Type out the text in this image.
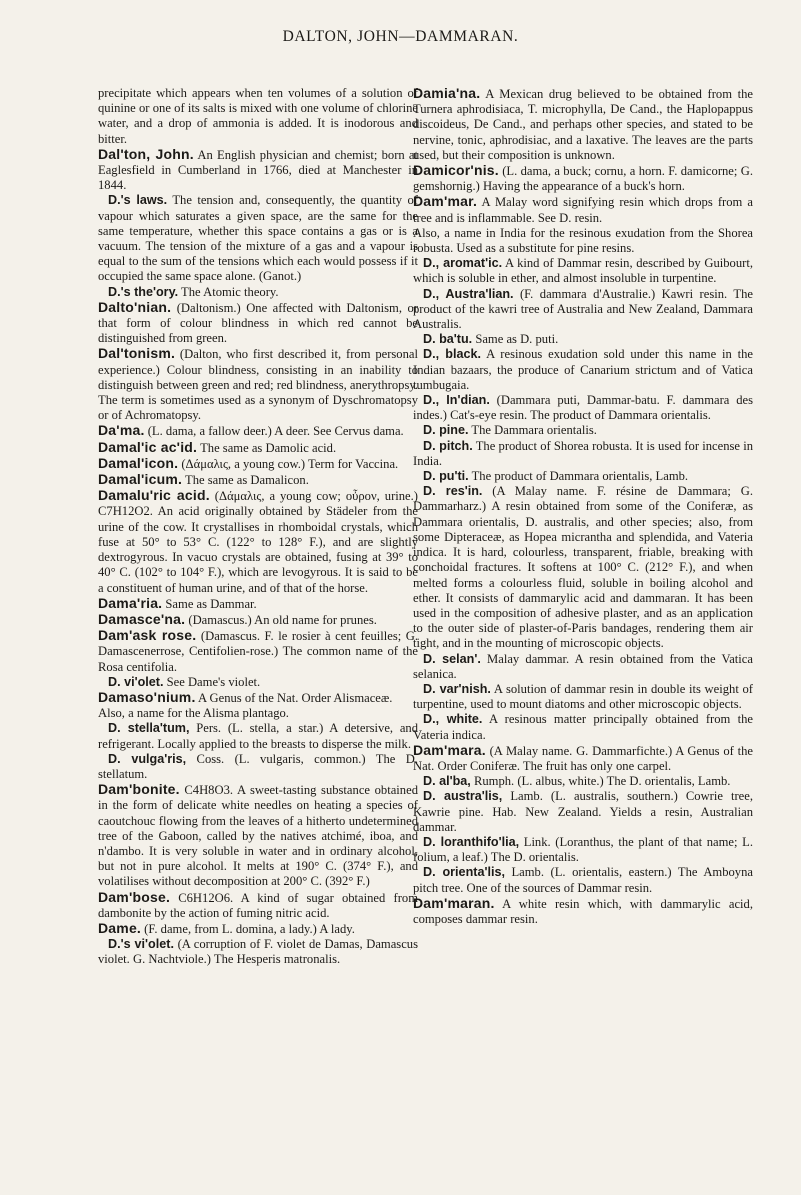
DALTON, JOHN—DAMMARAN.

precipitate which appears when ten volumes of a solution of quinine or one of its salts is mixed with one volume of chlorine water, and a drop of ammonia is added. It is inodorous and bitter.

Dal'ton, John. An English physician and chemist; born at Eaglesfield in Cumberland in 1766, died at Manchester in 1844.

D.'s laws. The tension and, consequently, the quantity of vapour which saturates a given space, are the same for the same temperature, whether this space contains a gas or is a vacuum. The tension of the mixture of a gas and a vapour is equal to the sum of the tensions which each would possess if it occupied the same space alone. (Ganot.)

D.'s the'ory. The Atomic theory.

Dalto'nian. (Daltonism.) One affected with Daltonism, or that form of colour blindness in which red cannot be distinguished from green.

Dal'tonism. (Dalton, who first described it, from personal experience.) Colour blindness, consisting in an inability to distinguish between green and red; red blindness, anerythropsy. The term is sometimes used as a synonym of Dyschromatopsy or of Achromatopsy.

Da'ma. (L. dama, a fallow deer.) A deer. See Cervus dama.

Damal'ic ac'id. The same as Damolic acid.

Damal'icon. (Δάμαλις, a young cow.) Term for Vaccina.

Damal'icum. The same as Damalicon.

Damalu'ric acid. (Δάμαλις, a young cow; οὖρον, urine.) C7H12O2. An acid originally obtained by Städeler from the urine of the cow. It crystallises in rhomboidal crystals, which fuse at 50° to 53° C. (122° to 128° F.), and are slightly dextrogyrous. In vacuo crystals are obtained, fusing at 39° to 40° C. (102° to 104° F.), which are levogyrous. It is said to be a constituent of human urine, and of that of the horse.

Dama'ria. Same as Dammar.

Damasce'na. (Damascus.) An old name for prunes.

Dam'ask rose. (Damascus. F. le rosier à cent feuilles; G. Damascenerrose, Centifolien-rose.) The common name of the Rosa centifolia.

D. vi'olet. See Dame's violet.

Damaso'nium. A Genus of the Nat. Order Alismaceæ.

Also, a name for the Alisma plantago.

D. stella'tum, Pers. (L. stella, a star.) A detersive, and refrigerant. Locally applied to the breasts to disperse the milk.

D. vulga'ris, Coss. (L. vulgaris, common.) The D. stellatum.

Dam'bonite. C4H8O3. A sweet-tasting substance obtained in the form of delicate white needles on heating a species of caoutchouc flowing from the leaves of a hitherto undetermined tree of the Gaboon, called by the natives atchimé, iboa, and n'dambo. It is very soluble in water and in ordinary alcohol, but not in pure alcohol. It melts at 190° C. (374° F.), and volatilises without decomposition at 200° C. (392° F.)

Dam'bose. C6H12O6. A kind of sugar obtained from dambonite by the action of fuming nitric acid.

Dame. (F. dame, from L. domina, a lady.) A lady.

D.'s vi'olet. (A corruption of F. violet de Damas, Damascus violet. G. Nachtviole.) The Hesperis matronalis.

Damia'na. A Mexican drug believed to be obtained from the Turnera aphrodisiaca, T. microphylla, De Cand., the Haplopappus discoideus, De Cand., and perhaps other species, and stated to be nervine, tonic, aphrodisiac, and a laxative. The leaves are the parts used, but their composition is unknown.

Damicor'nis. (L. dama, a buck; cornu, a horn. F. damicorne; G. gemshornig.) Having the appearance of a buck's horn.

Dam'mar. A Malay word signifying resin which drops from a tree and is inflammable. See D. resin.

Also, a name in India for the resinous exudation from the Shorea robusta. Used as a substitute for pine resins.

D., aromat'ic. A kind of Dammar resin, described by Guibourt, which is soluble in ether, and almost insoluble in turpentine.

D., Austra'lian. (F. dammara d'Australie.) Kawri resin. The product of the kawri tree of Australia and New Zealand, Dammara Australis.

D. ba'tu. Same as D. puti.

D., black. A resinous exudation sold under this name in the Indian bazaars, the produce of Canarium strictum and of Vatica tumbugaia.

D., In'dian. (Dammara puti, Dammar-batu. F. dammara des indes.) Cat's-eye resin. The product of Dammara orientalis.

D. pine. The Dammara orientalis.

D. pitch. The product of Shorea robusta. It is used for incense in India.

D. pu'ti. The product of Dammara orientalis, Lamb.

D. res'in. (A Malay name. F. résine de Dammara; G. Dammarharz.) A resin obtained from some of the Coniferæ, as Dammara orientalis, D. australis, and other species; also, from some Dipteraceæ, as Hopea micrantha and splendida, and Vateria indica. It is hard, colourless, transparent, friable, breaking with conchoidal fractures. It softens at 100° C. (212° F.), and when melted forms a colourless fluid, soluble in boiling alcohol and ether. It consists of dammarylic acid and dammaran. It has been used in the composition of adhesive plaster, and as an application to the outer side of plaster-of-Paris bandages, rendering them air tight, and in the mounting of microscopic objects.

D. selan'. Malay dammar. A resin obtained from the Vatica selanica.

D. var'nish. A solution of dammar resin in double its weight of turpentine, used to mount diatoms and other microscopic objects.

D., white. A resinous matter principally obtained from the Vateria indica.

Dam'mara. (A Malay name. G. Dammarfichte.) A Genus of the Nat. Order Coniferæ. The fruit has only one carpel.

D. al'ba, Rumph. (L. albus, white.) The D. orientalis, Lamb.

D. austra'lis, Lamb. (L. australis, southern.) Cowrie tree, Kawrie pine. Hab. New Zealand. Yields a resin, Australian dammar.

D. loranthifo'lia, Link. (Loranthus, the plant of that name; L. folium, a leaf.) The D. orientalis.

D. orienta'lis, Lamb. (L. orientalis, eastern.) The Amboyna pitch tree. One of the sources of Dammar resin.

Dam'maran. A white resin which, with dammarylic acid, composes dammar resin.
